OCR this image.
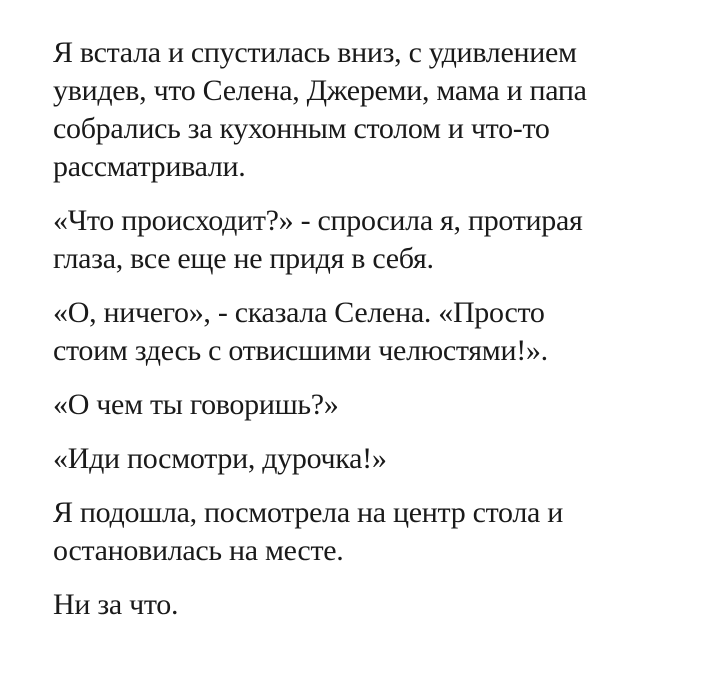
Я встала и спустилась вниз, с удивлением
увидев, что Селена, Джереми, мама и папа
собрались за кухонным столом и что-то
рассматривали.

«Что происходит?» - спросила я, протирая
глаза, все еще не придя в себя.

«О, ничего», - сказала Селена. «Просто
стоим здесь с отвисшими челюстями!».

«О чем ты говоришь?»

«Иди посмотри, дурочка!»

Я подошла, посмотрела на центр стола и
остановилась на месте.

Ни за что.
